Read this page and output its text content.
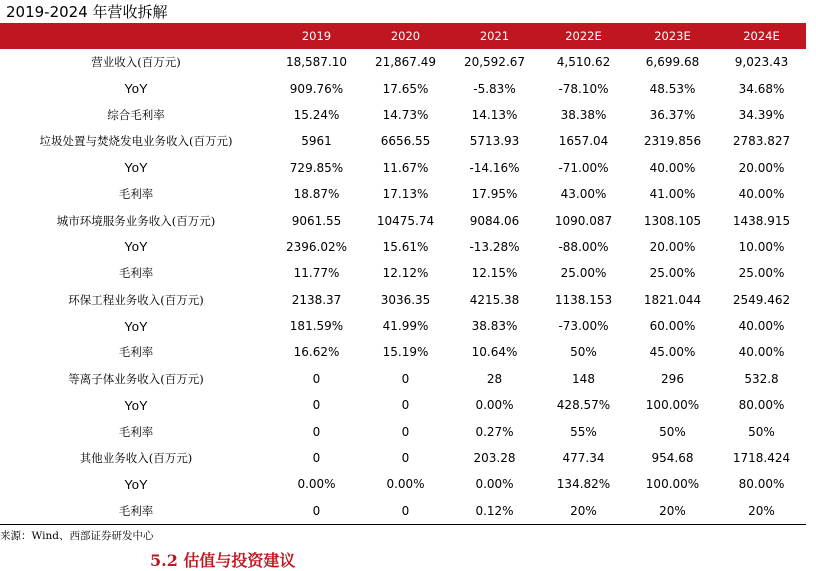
2019-2024 年营收拆解
	2019	2020	2021	2022E	2023E	2024E
营业收入(百万元)	18,587.10	21,867.49	20,592.67	4,510.62	6,699.68	9,023.43
YoY	909.76%	17.65%	-5.83%	-78.10%	48.53%	34.68%
综合毛利率	15.24%	14.73%	14.13%	38.38%	36.37%	34.39%
垃圾处置与焚烧发电业务收入(百万元)	5961	6656.55	5713.93	1657.04	2319.856	2783.827
YoY	729.85%	11.67%	-14.16%	-71.00%	40.00%	20.00%
毛利率	18.87%	17.13%	17.95%	43.00%	41.00%	40.00%
城市环境服务业务收入(百万元)	9061.55	10475.74	9084.06	1090.087	1308.105	1438.915
YoY	2396.02%	15.61%	-13.28%	-88.00%	20.00%	10.00%
毛利率	11.77%	12.12%	12.15%	25.00%	25.00%	25.00%
环保工程业务收入(百万元)	2138.37	3036.35	4215.38	1138.153	1821.044	2549.462
YoY	181.59%	41.99%	38.83%	-73.00%	60.00%	40.00%
毛利率	16.62%	15.19%	10.64%	50%	45.00%	40.00%
等离子体业务收入(百万元)	0	0	28	148	296	532.8
YoY	0	0	0.00%	428.57%	100.00%	80.00%
毛利率	0	0	0.27%	55%	50%	50%
其他业务收入(百万元)	0	0	203.28	477.34	954.68	1718.424
YoY	0.00%	0.00%	0.00%	134.82%	100.00%	80.00%
毛利率	0	0	0.12%	20%	20%	20%
来源：Wind、西部证券研发中心
5.2 估值与投资建议
